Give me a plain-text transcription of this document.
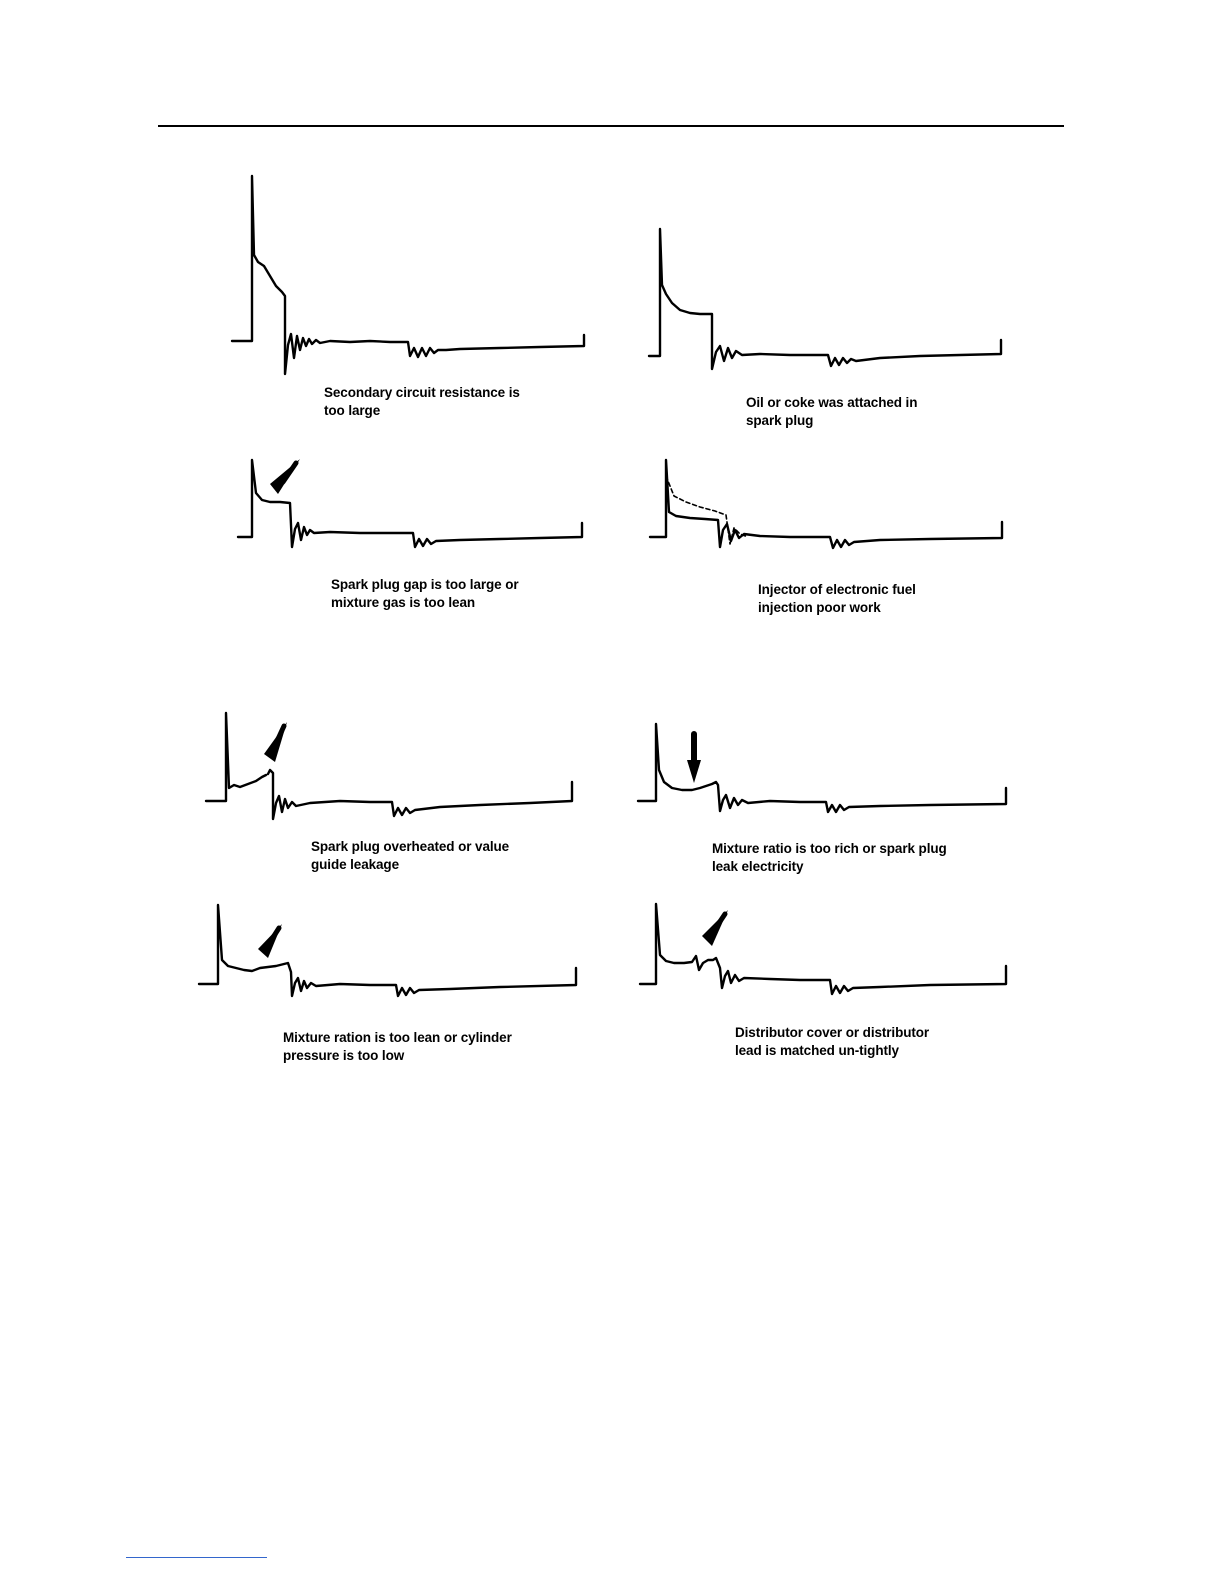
Secondary circuit resistance is
too large
Oil or coke was attached in
spark plug
Spark plug gap is too large or
mixture gas is too lean
Injector of electronic fuel
injection poor work
Spark plug overheated or value
guide leakage
Mixture ratio is too rich or spark plug
leak electricity
Mixture ration is too lean or cylinder
pressure is too low
Distributor cover or distributor
lead is matched un-tightly
